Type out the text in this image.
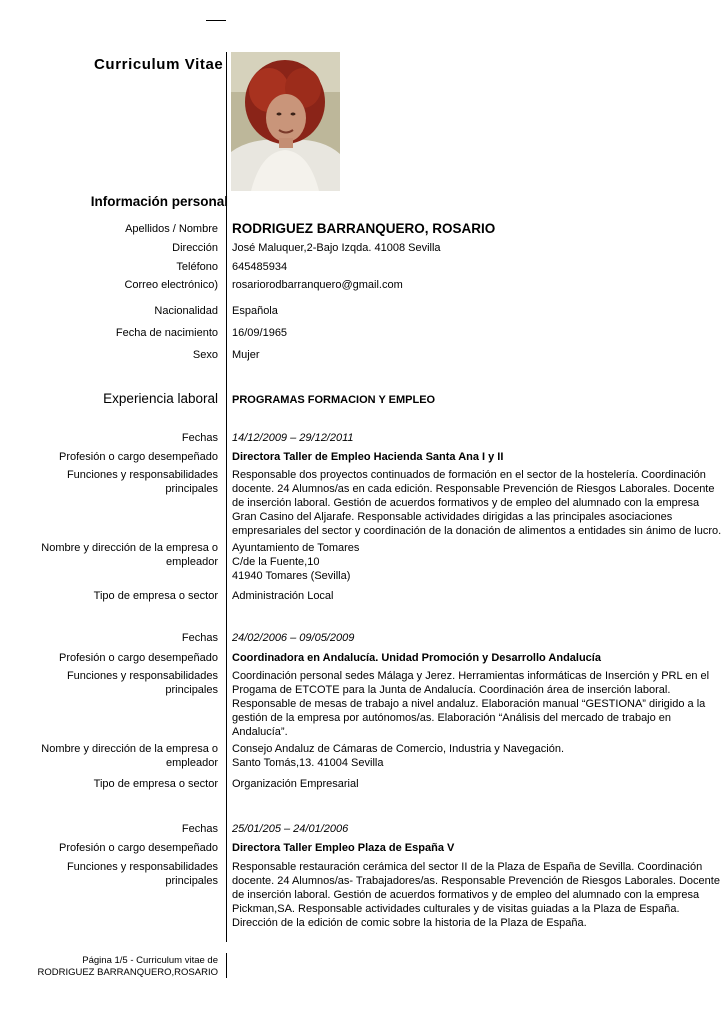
Curriculum Vitae
Información personal
Apellidos / Nombre RODRIGUEZ BARRANQUERO, ROSARIO
Dirección José Maluquer,2-Bajo Izqda. 41008 Sevilla
Teléfono 645485934
Correo electrónico) rosariorodbarranquero@gmail.com
Nacionalidad Española
Fecha de nacimiento 16/09/1965
Sexo Mujer
Experiencia laboral PROGRAMAS FORMACION Y EMPLEO
Fechas 14/12/2009 – 29/12/2011
Profesión o cargo desempeñado Directora Taller de Empleo Hacienda Santa Ana I y II
Funciones y responsabilidades
principales
Responsable dos proyectos continuados de formación en el sector de la hostelería. Coordinación
docente. 24 Alumnos/as en cada edición. Responsable Prevención de Riesgos Laborales. Docente
de inserción laboral. Gestión de acuerdos formativos y de empleo del alumnado con la empresa
Gran Casino del Aljarafe. Responsable actividades dirigidas a las principales asociaciones
empresariales del sector y coordinación de la donación de alimentos a entidades sin ánimo de lucro.
Nombre y dirección de la empresa o
empleador
Ayuntamiento de Tomares
C/de la Fuente,10
41940 Tomares (Sevilla)
Tipo de empresa o sector Administración Local
Fechas 24/02/2006 – 09/05/2009
Profesión o cargo desempeñado Coordinadora en Andalucía. Unidad Promoción y Desarrollo Andalucía
Funciones y responsabilidades
principales
Coordinación personal sedes Málaga y Jerez. Herramientas informáticas de Inserción y PRL en el
Progama de ETCOTE para la Junta de Andalucía. Coordinación área de inserción laboral.
Responsable de mesas de trabajo a nivel andaluz. Elaboración manual “GESTIONA” dirigido a la
gestión de la empresa por autónomos/as. Elaboración “Análisis del mercado de trabajo en
Andalucía”.
Nombre y dirección de la empresa o
empleador
Consejo Andaluz de Cámaras de Comercio, Industria y Navegación.
Santo Tomás,13. 41004 Sevilla
Tipo de empresa o sector Organización Empresarial
Fechas 25/01/205 – 24/01/2006
Profesión o cargo desempeñado Directora Taller Empleo Plaza de España V
Funciones y responsabilidades
principales
Responsable restauración cerámica del sector II de la Plaza de España de Sevilla. Coordinación
docente. 24 Alumnos/as- Trabajadores/as. Responsable Prevención de Riesgos Laborales. Docente
de inserción laboral. Gestión de acuerdos formativos y de empleo del alumnado con la empresa
Pickman,SA. Responsable actividades culturales y de visitas guiadas a la Plaza de España.
Dirección de la edición de comic sobre la historia de la Plaza de España.
Página 1/5 - Curriculum vitae de
RODRIGUEZ BARRANQUERO,ROSARIO
